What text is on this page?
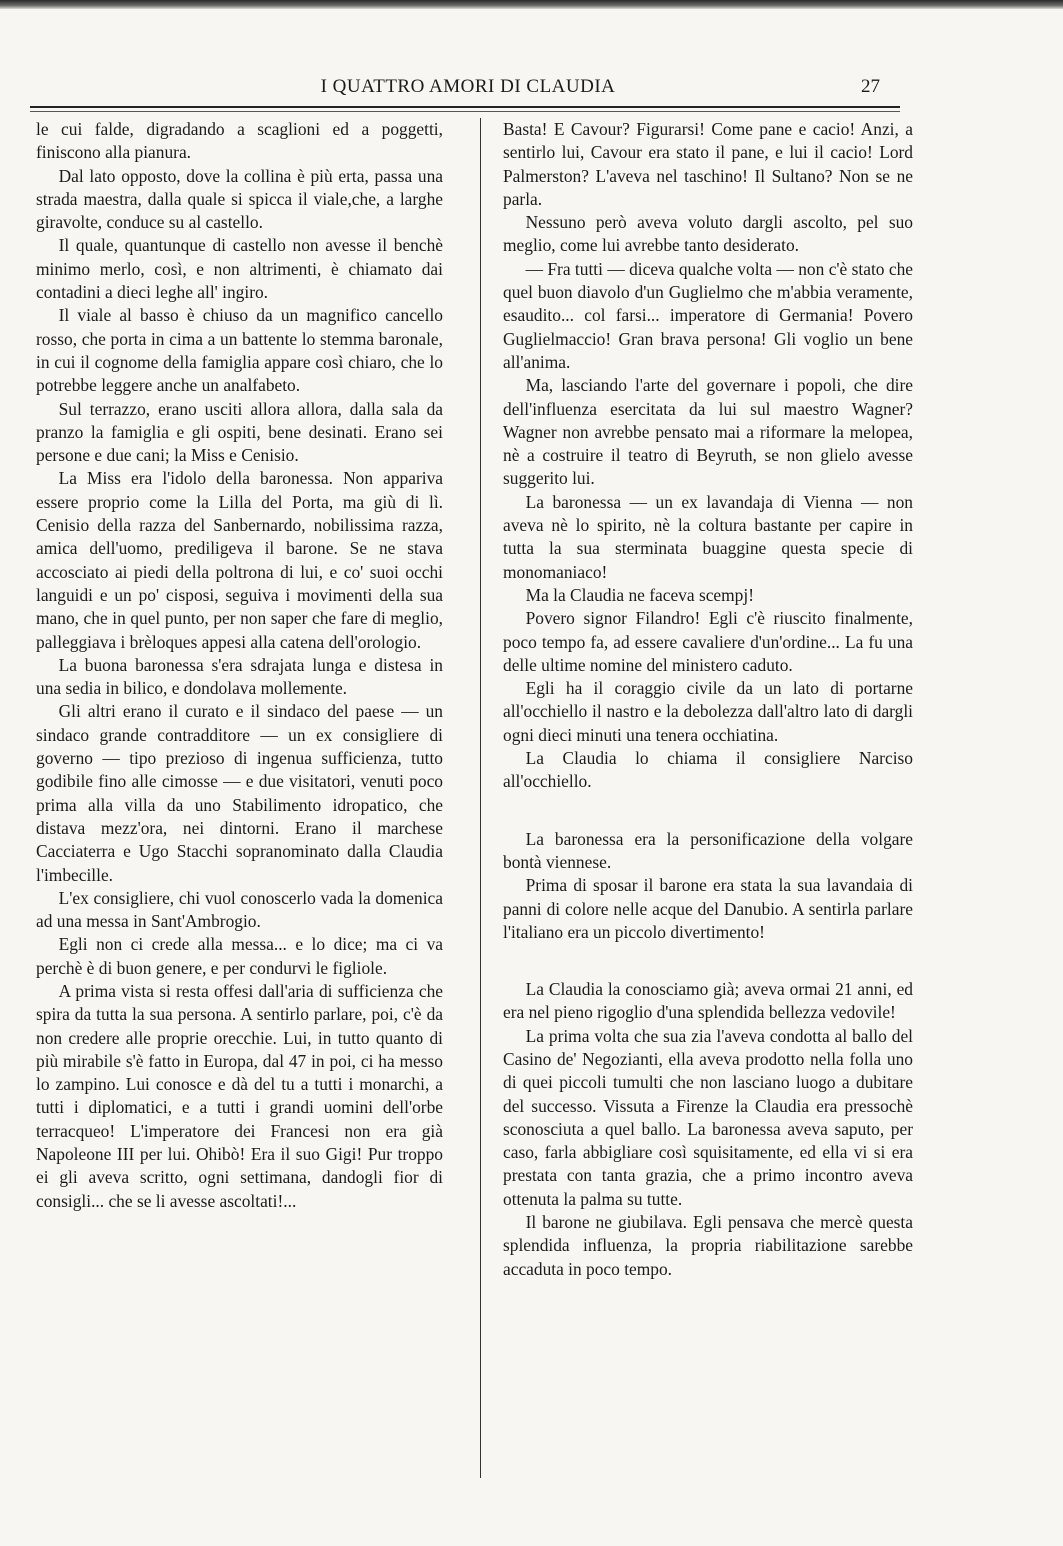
I QUATTRO AMORI DI CLAUDIA	27

le cui falde, digradando a scaglioni ed a poggetti, finiscono alla pianura.

Dal lato opposto, dove la collina è più erta, passa una strada maestra, dalla quale si spicca il viale,che, a larghe giravolte, conduce su al castello.

Il quale, quantunque di castello non avesse il benchè minimo merlo, così, e non altrimenti, è chiamato dai contadini a dieci leghe all' ingiro.

Il viale al basso è chiuso da un magnifico cancello rosso, che porta in cima a un battente lo stemma baronale, in cui il cognome della famiglia appare così chiaro, che lo potrebbe leggere anche un analfabeto.

Sul terrazzo, erano usciti allora allora, dalla sala da pranzo la famiglia e gli ospiti, bene desinati. Erano sei persone e due cani; la Miss e Cenisio.

La Miss era l'idolo della baronessa. Non appariva essere proprio come la Lilla del Porta, ma giù di lì. Cenisio della razza del Sanbernardo, nobilissima razza, amica dell'uomo, prediligeva il barone. Se ne stava accosciato ai piedi della poltrona di lui, e co' suoi occhi languidi e un po' cisposi, seguiva i movimenti della sua mano, che in quel punto, per non saper che fare di meglio, palleggiava i brèloques appesi alla catena dell'orologio.

La buona baronessa s'era sdrajata lunga e distesa in una sedia in bilico, e dondolava mollemente.

Gli altri erano il curato e il sindaco del paese — un sindaco grande contradditore — un ex consigliere di governo — tipo prezioso di ingenua sufficienza, tutto godibile fino alle cimosse — e due visitatori, venuti poco prima alla villa da uno Stabilimento idropatico, che distava mezz'ora, nei dintorni. Erano il marchese Cacciaterra e Ugo Stacchi sopranominato dalla Claudia l'imbecille.

L'ex consigliere, chi vuol conoscerlo vada la domenica ad una messa in Sant'Ambrogio.

Egli non ci crede alla messa... e lo dice; ma ci va perchè è di buon genere, e per condurvi le figliole.

A prima vista si resta offesi dall'aria di sufficienza che spira da tutta la sua persona. A sentirlo parlare, poi, c'è da non credere alle proprie orecchie. Lui, in tutto quanto di più mirabile s'è fatto in Europa, dal 47 in poi, ci ha messo lo zampino. Lui conosce e dà del tu a tutti i monarchi, a tutti i diplomatici, e a tutti i grandi uomini dell'orbe terracqueo! L'imperatore dei Francesi non era già Napoleone III per lui. Ohibò! Era il suo Gigi! Pur troppo ei gli aveva scritto, ogni settimana, dandogli fior di consigli... che se li avesse ascoltati!...

Basta! E Cavour? Figurarsi! Come pane e cacio! Anzi, a sentirlo lui, Cavour era stato il pane, e lui il cacio! Lord Palmerston? L'aveva nel taschino! Il Sultano? Non se ne parla.

Nessuno però aveva voluto dargli ascolto, pel suo meglio, come lui avrebbe tanto desiderato.

— Fra tutti — diceva qualche volta — non c'è stato che quel buon diavolo d'un Guglielmo che m'abbia veramente, esaudito... col farsi... imperatore di Germania! Povero Guglielmaccio! Gran brava persona! Gli voglio un bene all'anima.

Ma, lasciando l'arte del governare i popoli, che dire dell'influenza esercitata da lui sul maestro Wagner? Wagner non avrebbe pensato mai a riformare la melopea, nè a costruire il teatro di Beyruth, se non glielo avesse suggerito lui.

La baronessa — un ex lavandaja di Vienna — non aveva nè lo spirito, nè la coltura bastante per capire in tutta la sua sterminata buaggine questa specie di monomaniaco!

Ma la Claudia ne faceva scempj!

Povero signor Filandro! Egli c'è riuscito finalmente, poco tempo fa, ad essere cavaliere d'un'ordine... La fu una delle ultime nomine del ministero caduto.

Egli ha il coraggio civile da un lato di portarne all'occhiello il nastro e la debolezza dall'altro lato di dargli ogni dieci minuti una tenera occhiatina.

La Claudia lo chiama il consigliere Narciso all'occhiello.

La baronessa era la personificazione della volgare bontà viennese.

Prima di sposar il barone era stata la sua lavandaia di panni di colore nelle acque del Danubio. A sentirla parlare l'italiano era un piccolo divertimento!

La Claudia la conosciamo già; aveva ormai 21 anni, ed era nel pieno rigoglio d'una splendida bellezza vedovile!

La prima volta che sua zia l'aveva condotta al ballo del Casino de' Negozianti, ella aveva prodotto nella folla uno di quei piccoli tumulti che non lasciano luogo a dubitare del successo. Vissuta a Firenze la Claudia era pressochè sconosciuta a quel ballo. La baronessa aveva saputo, per caso, farla abbigliare così squisitamente, ed ella vi si era prestata con tanta grazia, che a primo incontro aveva ottenuta la palma su tutte.

Il barone ne giubilava. Egli pensava che mercè questa splendida influenza, la propria riabilitazione sarebbe accaduta in poco tempo.
